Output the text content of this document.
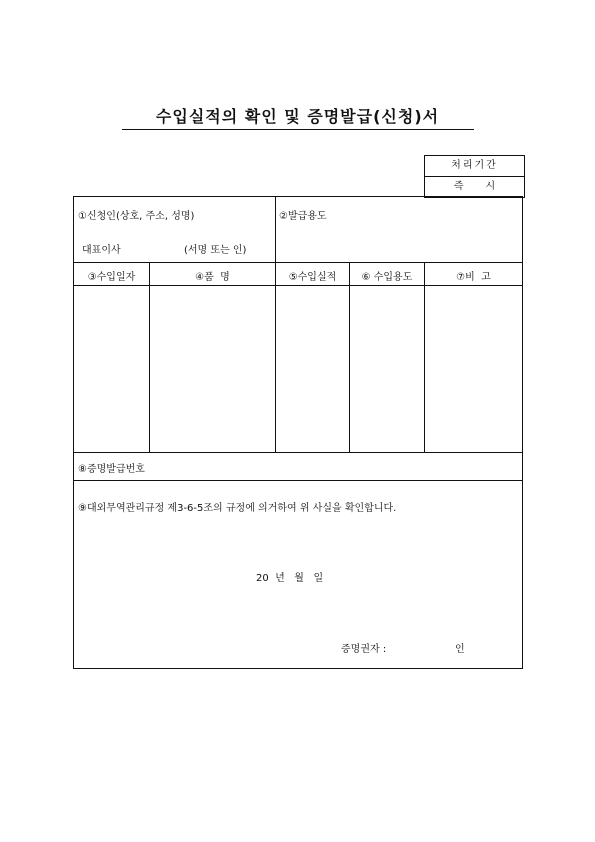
수입실적의 확인 및 증명발급(신청)서
처리기간
즉시
①신청인(상호, 주소, 성명)
대표이사	(서명 또는 인)
②발급용도
③수입일자	④품  명	⑤수입실적	⑥ 수입용도	⑦비  고
⑧증명발급번호
⑨대외무역관리규정 제3-6-5조의 규정에 의거하여 위 사실을 확인합니다.
20  년   월   일
증명권자 :	인
